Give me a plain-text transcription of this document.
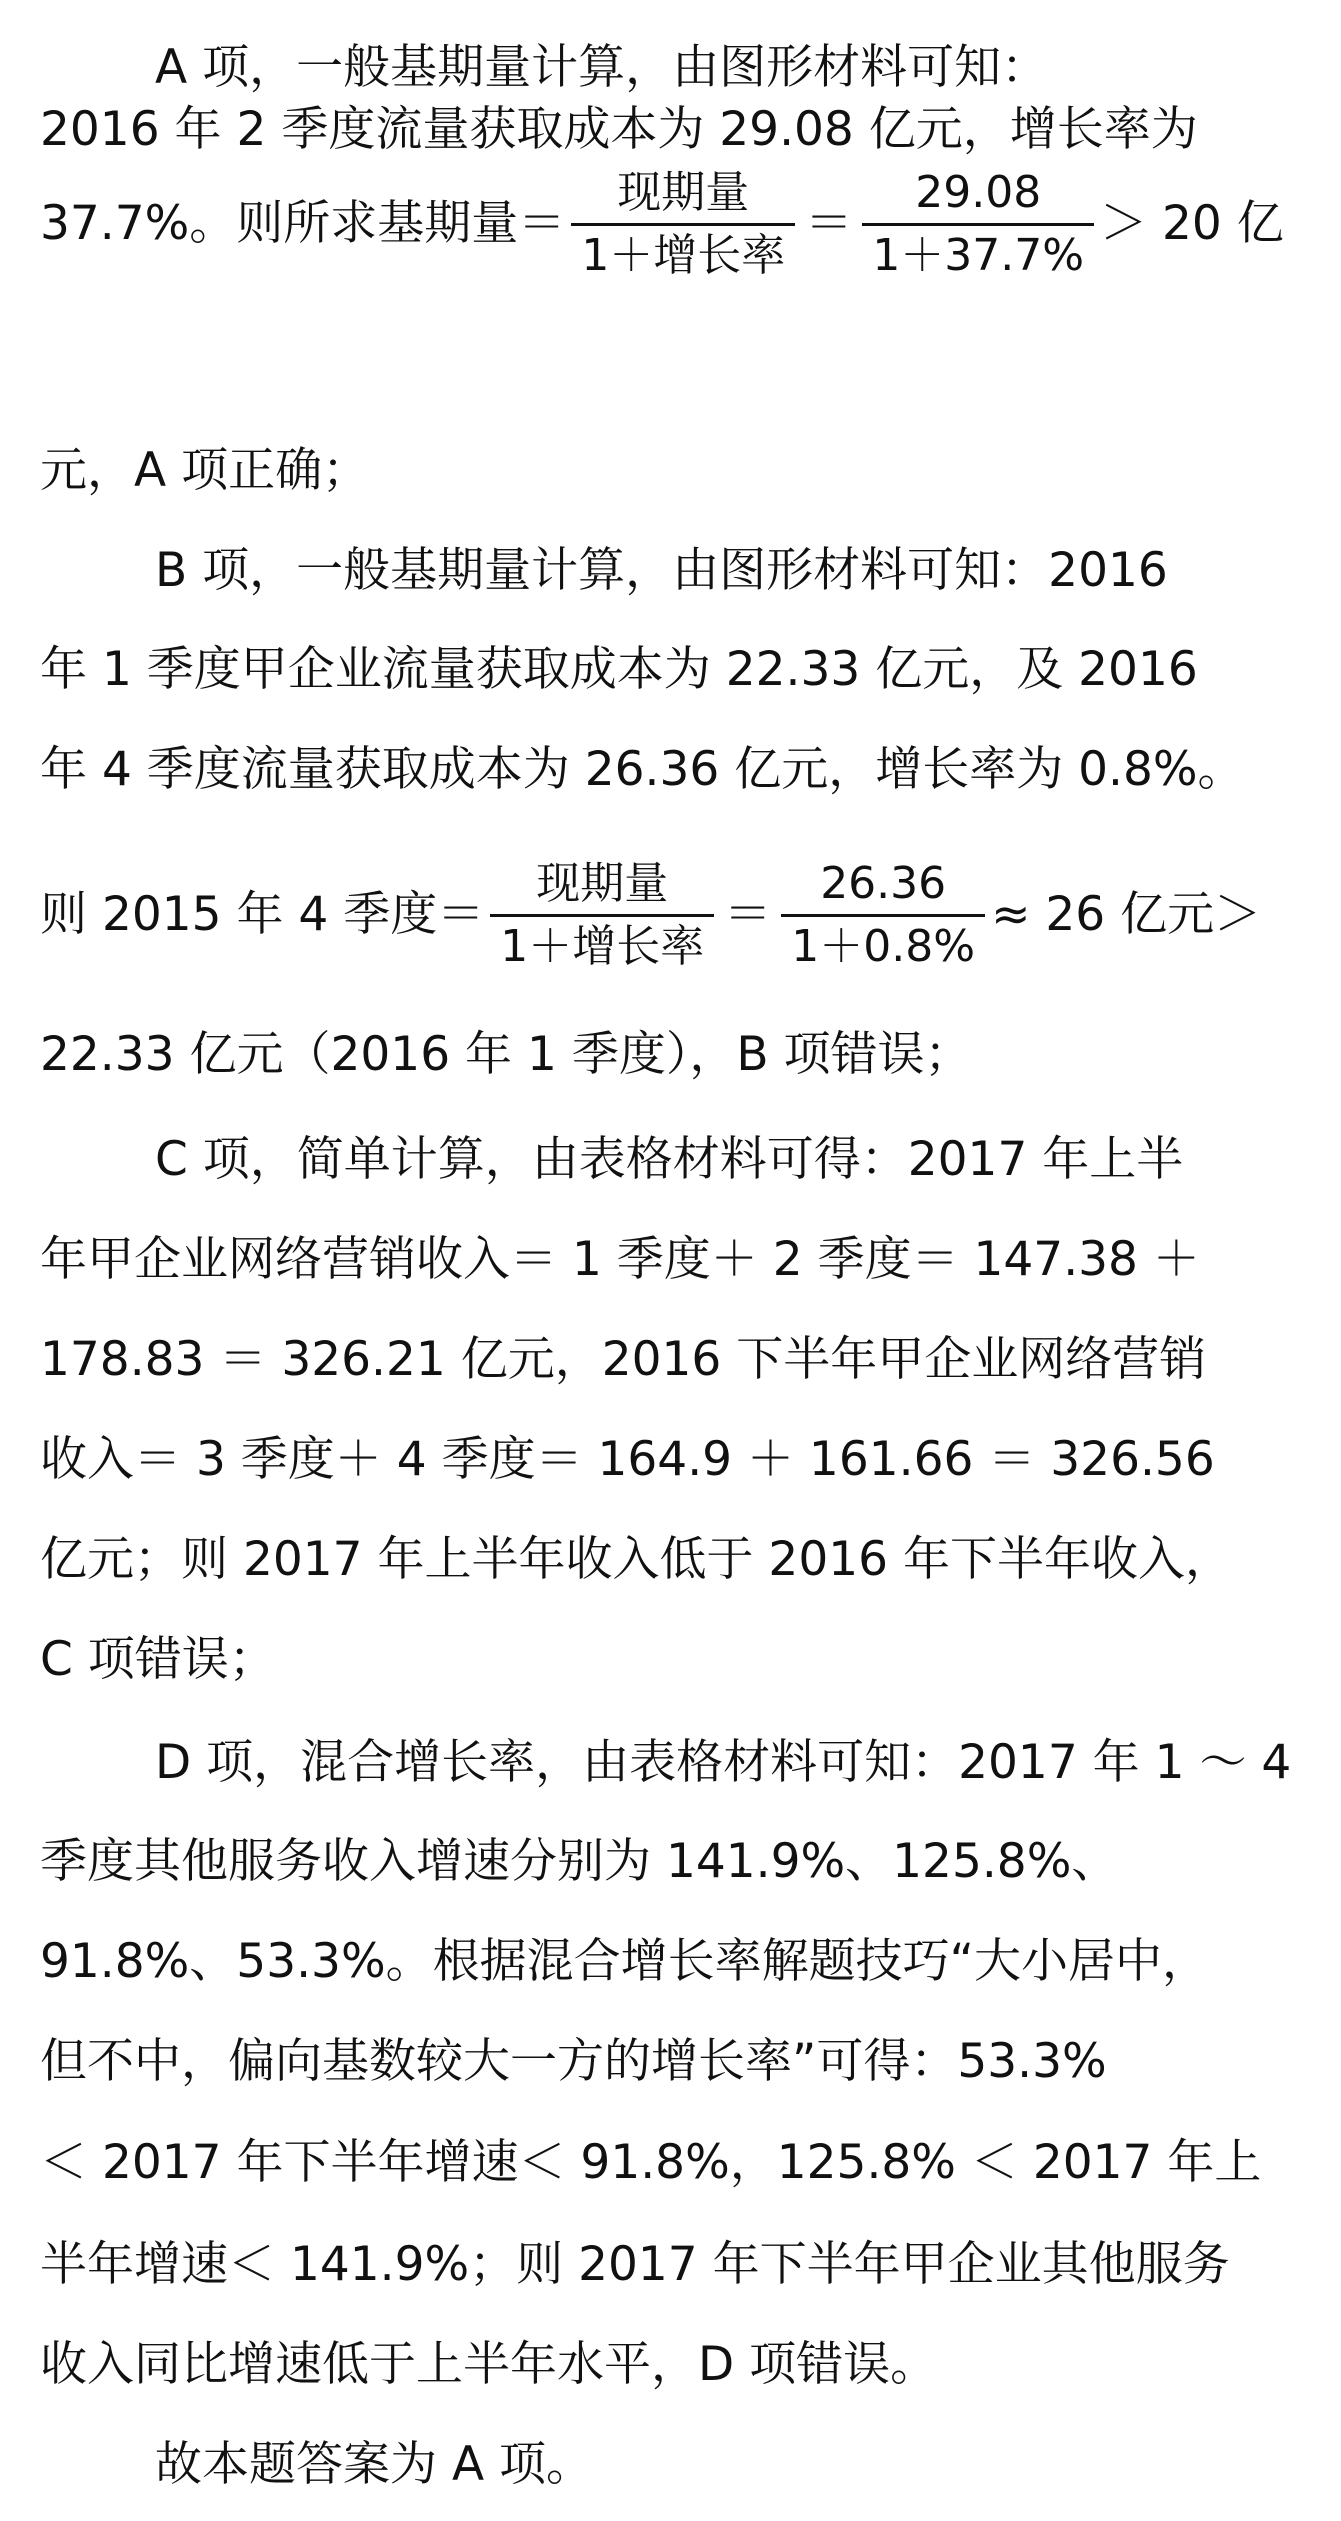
A 项，一般基期量计算，由图形材料可知：
2016 年 2 季度流量获取成本为 29.08 亿元，增长率为
37.7%。则所求基期量＝ $\frac{\text{现期量}}{\text{1＋增长率}} = \frac{29.08}{1+37.7\%} > 20$ 亿
元，A 项正确；
B 项，一般基期量计算，由图形材料可知：2016
年 1 季度甲企业流量获取成本为 22.33 亿元，及 2016
年 4 季度流量获取成本为 26.36 亿元，增长率为 0.8%。
则 2015 年 4 季度＝ $\frac{\text{现期量}}{\text{1＋增长率}} = \frac{26.36}{1+0.8\%} \approx 26$ 亿元＞
22.33 亿元（2016 年 1 季度），B 项错误；
C 项，简单计算，由表格材料可得：2017 年上半
年甲企业网络营销收入＝ 1 季度＋ 2 季度＝ 147.38 ＋
178.83 ＝ 326.21 亿元，2016 下半年甲企业网络营销
收入＝ 3 季度＋ 4 季度＝ 164.9 ＋ 161.66 ＝ 326.56
亿元；则 2017 年上半年收入低于 2016 年下半年收入，
C 项错误；
D 项，混合增长率，由表格材料可知：2017 年 1 ～ 4
季度其他服务收入增速分别为 141.9%、125.8%、
91.8%、53.3%。根据混合增长率解题技巧“大小居中，
但不中，偏向基数较大一方的增长率”可得：53.3%
＜ 2017 年下半年增速＜ 91.8%，125.8% ＜ 2017 年上
半年增速＜ 141.9%；则 2017 年下半年甲企业其他服务
收入同比增速低于上半年水平，D 项错误。
故本题答案为 A 项。
